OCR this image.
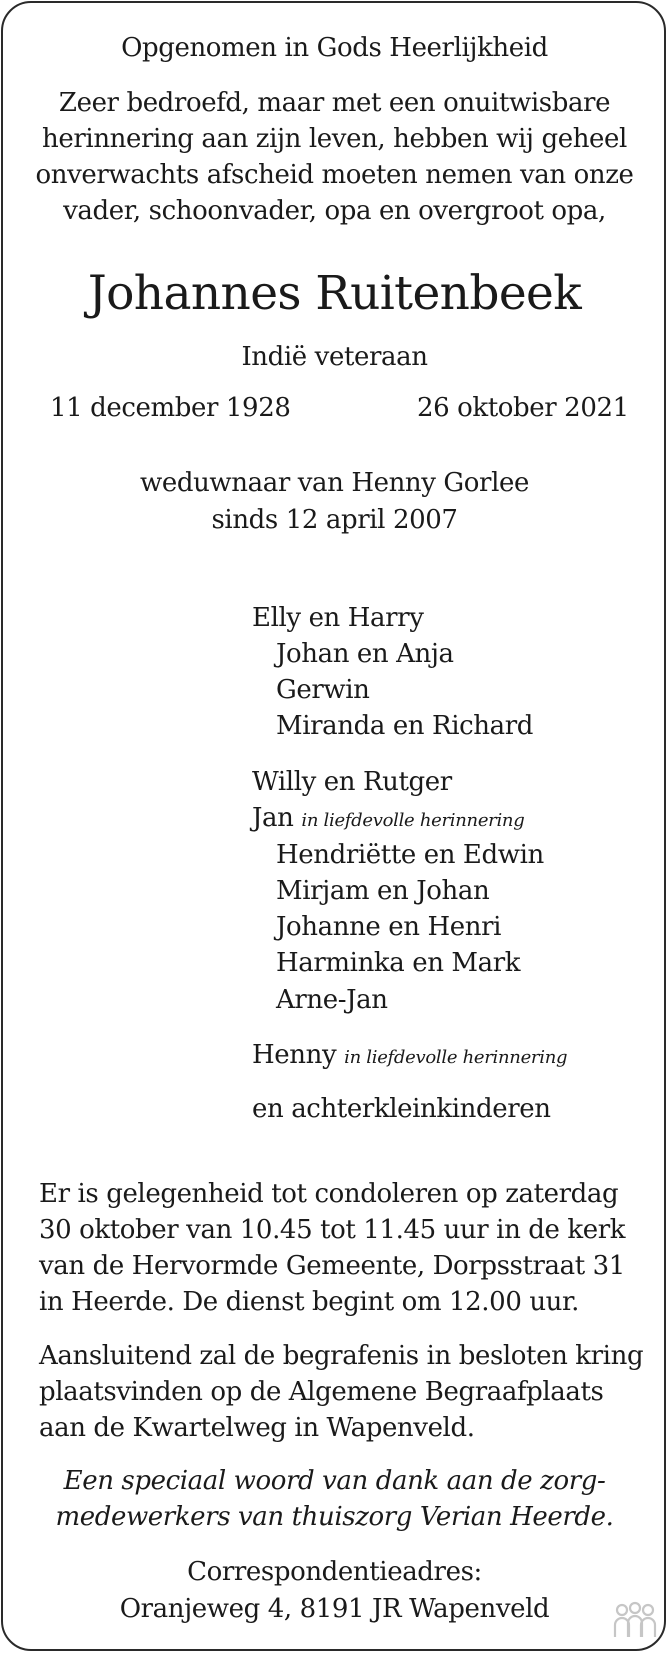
Opgenomen in Gods Heerlijkheid
Zeer bedroefd, maar met een onuitwisbare
herinnering aan zijn leven, hebben wij geheel
onverwachts afscheid moeten nemen van onze
vader, schoonvader, opa en overgroot opa,
Johannes Ruitenbeek
Indië veteraan
11 december 1928	26 oktober 2021
weduwnaar van Henny Gorlee
sinds 12 april 2007
Elly en Harry
Johan en Anja
Gerwin
Miranda en Richard
Willy en Rutger
Jan in liefdevolle herinnering
Hendriëtte en Edwin
Mirjam en Johan
Johanne en Henri
Harminka en Mark
Arne-Jan
Henny in liefdevolle herinnering
en achterkleinkinderen
Er is gelegenheid tot condoleren op zaterdag
30 oktober van 10.45 tot 11.45 uur in de kerk
van de Hervormde Gemeente, Dorpsstraat 31
in Heerde. De dienst begint om 12.00 uur.
Aansluitend zal de begrafenis in besloten kring
plaatsvinden op de Algemene Begraafplaats
aan de Kwartelweg in Wapenveld.
Een speciaal woord van dank aan de zorg-
medewerkers van thuiszorg Verian Heerde.
Correspondentieadres:
Oranjeweg 4, 8191 JR Wapenveld
